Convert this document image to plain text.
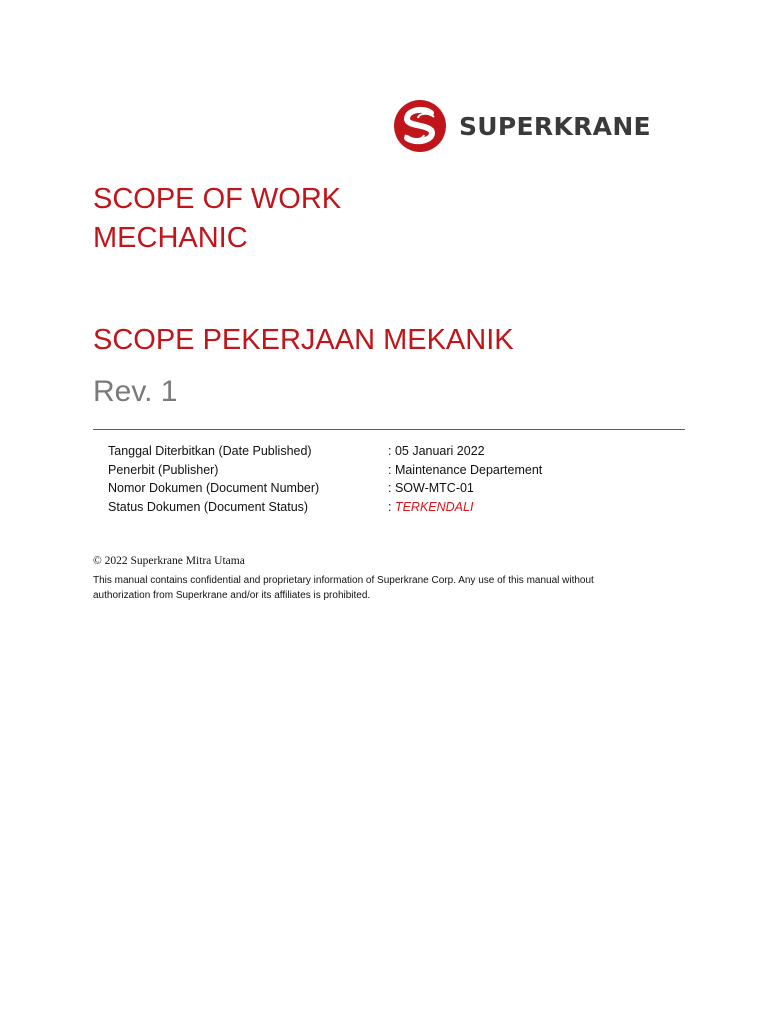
SUPERKRANE
SCOPE OF WORK
MECHANIC
SCOPE PEKERJAAN MEKANIK
Rev. 1
Tanggal Diterbitkan (Date Published)	: 05 Januari 2022
Penerbit (Publisher)	: Maintenance Departement
Nomor Dokumen (Document Number)	: SOW-MTC-01
Status Dokumen (Document Status)	: TERKENDALI
© 2022 Superkrane Mitra Utama
This manual contains confidential and proprietary information of Superkrane Corp. Any use of this manual without authorization from Superkrane and/or its affiliates is prohibited.
